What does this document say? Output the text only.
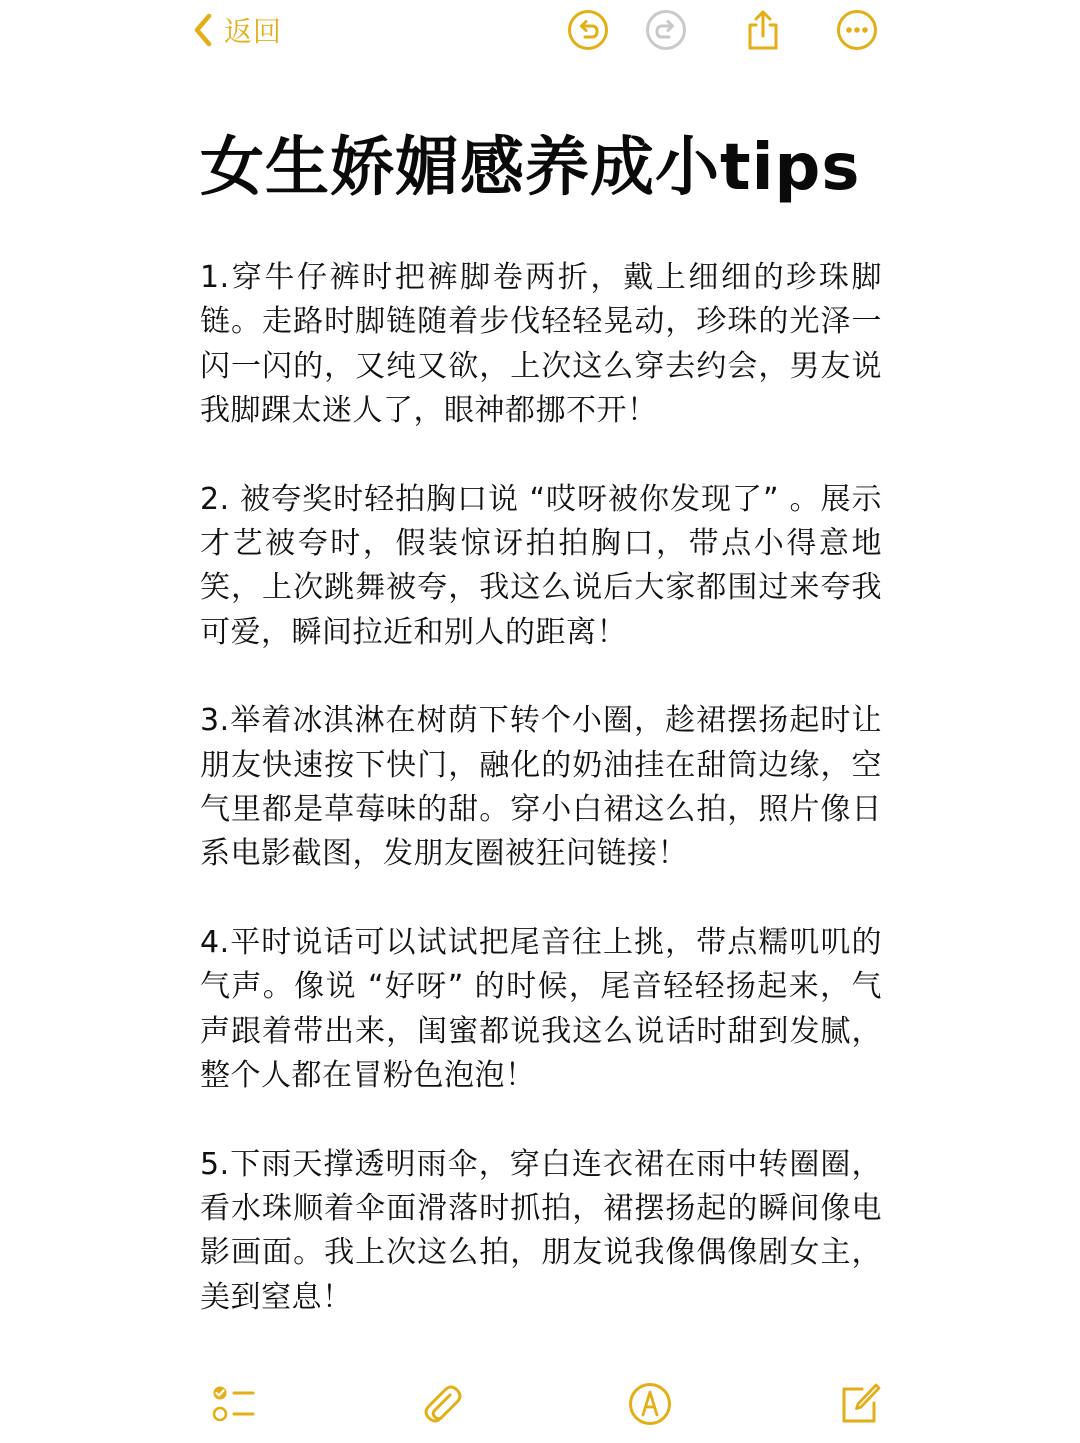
返回
女生娇媚感养成小tips

1.穿牛仔裤时把裤脚卷两折，戴上细细的珍珠脚链。走路时脚链随着步伐轻轻晃动，珍珠的光泽一闪一闪的，又纯又欲，上次这么穿去约会，男友说我脚踝太迷人了，眼神都挪不开！

2. 被夸奖时轻拍胸口说 “哎呀被你发现了” 。展示才艺被夸时，假装惊讶拍拍胸口，带点小得意地笑，上次跳舞被夸，我这么说后大家都围过来夸我可爱，瞬间拉近和别人的距离！

3.举着冰淇淋在树荫下转个小圈，趁裙摆扬起时让朋友快速按下快门，融化的奶油挂在甜筒边缘，空气里都是草莓味的甜。穿小白裙这么拍，照片像日系电影截图，发朋友圈被狂问链接！

4.平时说话可以试试把尾音往上挑，带点糯叽叽的气声。像说 “好呀” 的时候，尾音轻轻扬起来，气声跟着带出来，闺蜜都说我这么说话时甜到发腻，整个人都在冒粉色泡泡！

5.下雨天撑透明雨伞，穿白连衣裙在雨中转圈圈，看水珠顺着伞面滑落时抓拍，裙摆扬起的瞬间像电影画面。我上次这么拍，朋友说我像偶像剧女主，美到窒息！
